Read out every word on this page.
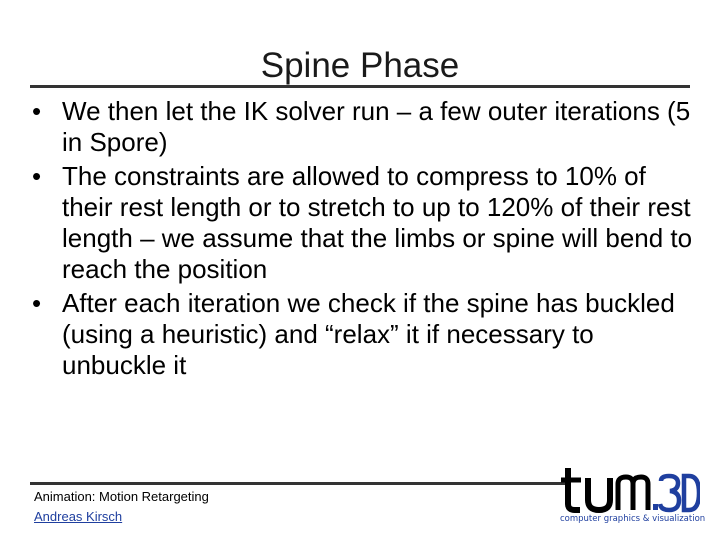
Spine Phase
• We then let the IK solver run – a few outer iterations (5 in Spore)
• The constraints are allowed to compress to 10% of their rest length or to stretch to up to 120% of their rest length – we assume that the limbs or spine will bend to reach the position
• After each iteration we check if the spine has buckled (using a heuristic) and “relax” it if necessary to unbuckle it
Animation: Motion Retargeting
Andreas Kirsch	computer graphics & visualization
